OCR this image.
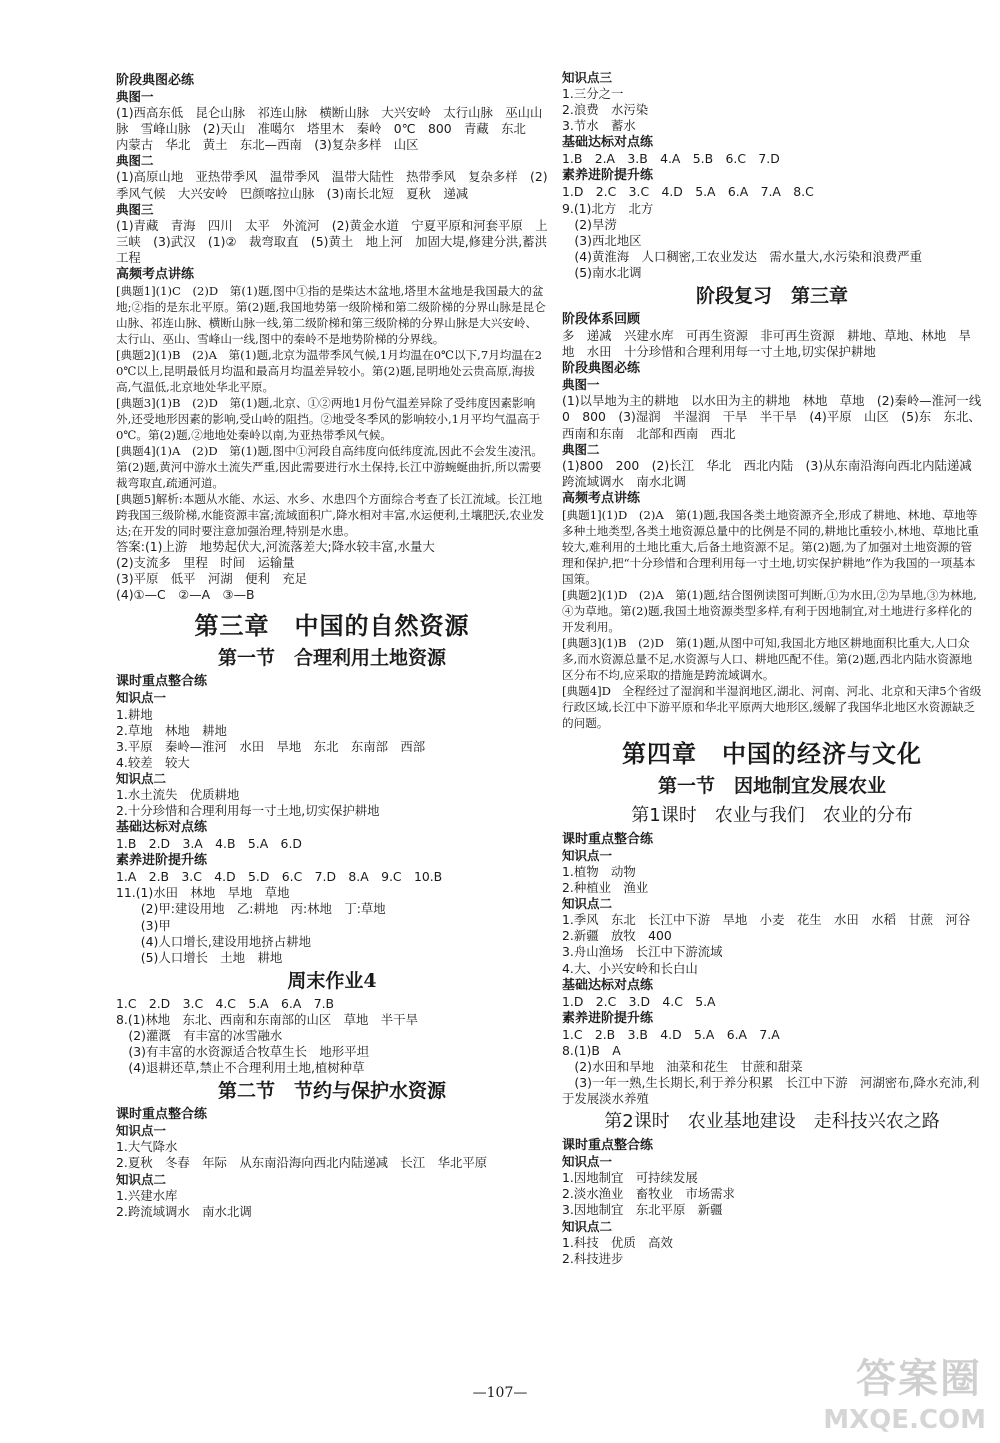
阶段典图必练
典图一
(1)西高东低　昆仑山脉　祁连山脉　横断山脉　大兴安岭　太行山脉　巫山山脉　雪峰山脉　(2)天山　准噶尔　塔里木　秦岭　0℃　800　青藏　东北　内蒙古　华北　黄土　东北—西南　(3)复杂多样　山区
典图二
(1)高原山地　亚热带季风　温带季风　温带大陆性　热带季风　复杂多样　(2)季风气候　大兴安岭　巴颜喀拉山脉　(3)南长北短　夏秋　递减
典图三
(1)青藏　青海　四川　太平　外流河　(2)黄金水道　宁夏平原和河套平原　上　三峡　(3)武汉　(1)②　裁弯取直　(5)黄土　地上河　加固大堤,修建分洪,蓄洪工程
高频考点讲练
[典题1](1)C　(2)D　第(1)题,图中①指的是柴达木盆地,塔里木盆地是我国最大的盆地;②指的是东北平原。第(2)题,我国地势第一级阶梯和第二级阶梯的分界山脉是昆仑山脉、祁连山脉、横断山脉一线,第二级阶梯和第三级阶梯的分界山脉是大兴安岭、太行山、巫山、雪峰山一线,图中的秦岭不是地势阶梯的分界线。
[典题2](1)B　(2)A　第(1)题,北京为温带季风气候,1月均温在0℃以下,7月均温在20℃以上,昆明最低月均温和最高月均温差异较小。第(2)题,昆明地处云贵高原,海拔高,气温低,北京地处华北平原。
[典题3](1)B　(2)D　第(1)题,北京、①②两地1月份气温差异除了受纬度因素影响外,还受地形因素的影响,受山岭的阻挡。②地受冬季风的影响较小,1月平均气温高于0℃。第(2)题,②地地处秦岭以南,为亚热带季风气候。
[典题4](1)A　(2)D　第(1)题,图中①河段自高纬度向低纬度流,因此不会发生凌汛。第(2)题,黄河中游水土流失严重,因此需要进行水土保持,长江中游蜿蜒曲折,所以需要裁弯取直,疏通河道。
[典题5]解析:本题从水能、水运、水乡、水患四个方面综合考查了长江流域。长江地跨我国三级阶梯,水能资源丰富;流域面积广,降水相对丰富,水运便利,土壤肥沃,农业发达;在开发的同时要注意加强治理,特别是水患。
答案:(1)上游　地势起伏大,河流落差大;降水较丰富,水量大
(2)支流多　里程　时间　运输量
(3)平原　低平　河湖　便利　充足
(4)①—C　②—A　③—B
第三章　中国的自然资源
第一节　合理利用土地资源
课时重点整合练
知识点一
1.耕地
2.草地　林地　耕地
3.平原　秦岭—淮河　水田　旱地　东北　东南部　西部
4.较差　较大
知识点二
1.水土流失　优质耕地
2.十分珍惜和合理利用每一寸土地,切实保护耕地
基础达标对点练
1.B　2.D　3.A　4.B　5.A　6.D
素养进阶提升练
1.A　2.B　3.C　4.D　5.D　6.C　7.D　8.A　9.C　10.B
11.(1)水田　林地　旱地　草地
　　(2)甲:建设用地　乙:耕地　丙:林地　丁:草地
　　(3)甲
　　(4)人口增长,建设用地挤占耕地
　　(5)人口增长　土地　耕地
周末作业4
1.C　2.D　3.C　4.C　5.A　6.A　7.B
8.(1)林地　东北、西南和东南部的山区　草地　半干旱
　(2)灌溉　有丰富的冰雪融水
　(3)有丰富的水资源适合牧草生长　地形平坦
　(4)退耕还草,禁止不合理利用土地,植树种草
第二节　节约与保护水资源
课时重点整合练
知识点一
1.大气降水
2.夏秋　冬春　年际　从东南沿海向西北内陆递减　长江　华北平原
知识点二
1.兴建水库
2.跨流域调水　南水北调
知识点三
1.三分之一
2.浪费　水污染
3.节水　蓄水
基础达标对点练
1.B　2.A　3.B　4.A　5.B　6.C　7.D
素养进阶提升练
1.D　2.C　3.C　4.D　5.A　6.A　7.A　8.C
9.(1)北方　北方
　(2)旱涝
　(3)西北地区
　(4)黄淮海　人口稠密,工农业发达　需水量大,水污染和浪费严重
　(5)南水北调
阶段复习　第三章
阶段体系回顾
多　递减　兴建水库　可再生资源　非可再生资源　耕地、草地、林地　旱地　水田　十分珍惜和合理利用每一寸土地,切实保护耕地
阶段典图必练
典图一
(1)以旱地为主的耕地　以水田为主的耕地　林地　草地　(2)秦岭—淮河一线　0　800　(3)湿润　半湿润　干旱　半干旱　(4)平原　山区　(5)东　东北、西南和东南　北部和西南　西北
典图二
(1)800　200　(2)长江　华北　西北内陆　(3)从东南沿海向西北内陆递减　跨流域调水　南水北调
高频考点讲练
[典题1](1)D　(2)A　第(1)题,我国各类土地资源齐全,形成了耕地、林地、草地等多种土地类型,各类土地资源总量中的比例是不同的,耕地比重较小,林地、草地比重较大,难利用的土地比重大,后备土地资源不足。第(2)题,为了加强对土地资源的管理和保护,把“十分珍惜和合理利用每一寸土地,切实保护耕地”作为我国的一项基本国策。
[典题2](1)D　(2)A　第(1)题,结合图例读图可判断,①为水田,②为旱地,③为林地,④为草地。第(2)题,我国土地资源类型多样,有利于因地制宜,对土地进行多样化的开发利用。
[典题3](1)B　(2)D　第(1)题,从图中可知,我国北方地区耕地面积比重大,人口众多,而水资源总量不足,水资源与人口、耕地匹配不佳。第(2)题,西北内陆水资源地区分布不均,应采取的措施是跨流域调水。
[典题4]D　全程经过了湿润和半湿润地区,湖北、河南、河北、北京和天津5个省级行政区域,长江中下游平原和华北平原两大地形区,缓解了我国华北地区水资源缺乏的问题。
第四章　中国的经济与文化
第一节　因地制宜发展农业
第1课时　农业与我们　农业的分布
课时重点整合练
知识点一
1.植物　动物
2.种植业　渔业
知识点二
1.季风　东北　长江中下游　旱地　小麦　花生　水田　水稻　甘蔗　河谷
2.新疆　放牧　400
3.舟山渔场　长江中下游流域
4.大、小兴安岭和长白山
基础达标对点练
1.D　2.C　3.D　4.C　5.A
素养进阶提升练
1.C　2.B　3.B　4.D　5.A　6.A　7.A
8.(1)B　A
　(2)水田和旱地　油菜和花生　甘蔗和甜菜
　(3)一年一熟,生长期长,利于养分积累　长江中下游　河湖密布,降水充沛,利于发展淡水养殖
第2课时　农业基地建设　走科技兴农之路
课时重点整合练
知识点一
1.因地制宜　可持续发展
2.淡水渔业　畜牧业　市场需求
3.因地制宜　东北平原　新疆
知识点二
1.科技　优质　高效
2.科技进步
—107—	答案圈
MXQE.COM
